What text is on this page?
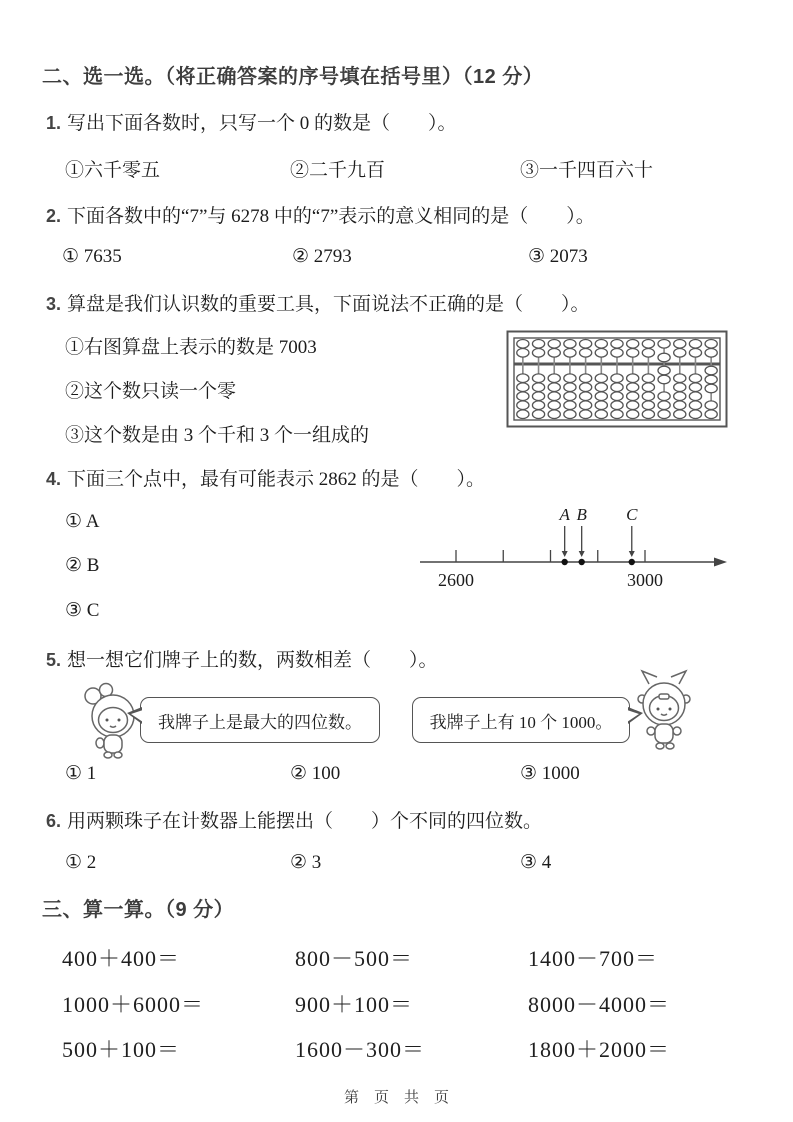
二、选一选。（将正确答案的序号填在括号里）（12 分）
1. 写出下面各数时，只写一个 0 的数是（　　）。
①六千零五	②二千九百	③一千四百六十
2. 下面各数中的“7”与 6278 中的“7”表示的意义相同的是（　　）。
① 7635	② 2793	③ 2073
3. 算盘是我们认识数的重要工具，下面说法不正确的是（　　）。
①右图算盘上表示的数是 7003
②这个数只读一个零
③这个数是由 3 个千和 3 个一组成的
4. 下面三个点中，最有可能表示 2862 的是（　　）。
① A
② B
③ C
2600	3000
A B C
5. 想一想它们牌子上的数，两数相差（　　）。
我牌子上是最大的四位数。	我牌子上有 10 个 1000。
① 1	② 100	③ 1000
6. 用两颗珠子在计数器上能摆出（　　）个不同的四位数。
① 2	② 3	③ 4
三、算一算。（9 分）
400＋400＝	800－500＝	1400－700＝
1000＋6000＝	900＋100＝	8000－4000＝
500＋100＝	1600－300＝	1800＋2000＝
第　页　共　页
